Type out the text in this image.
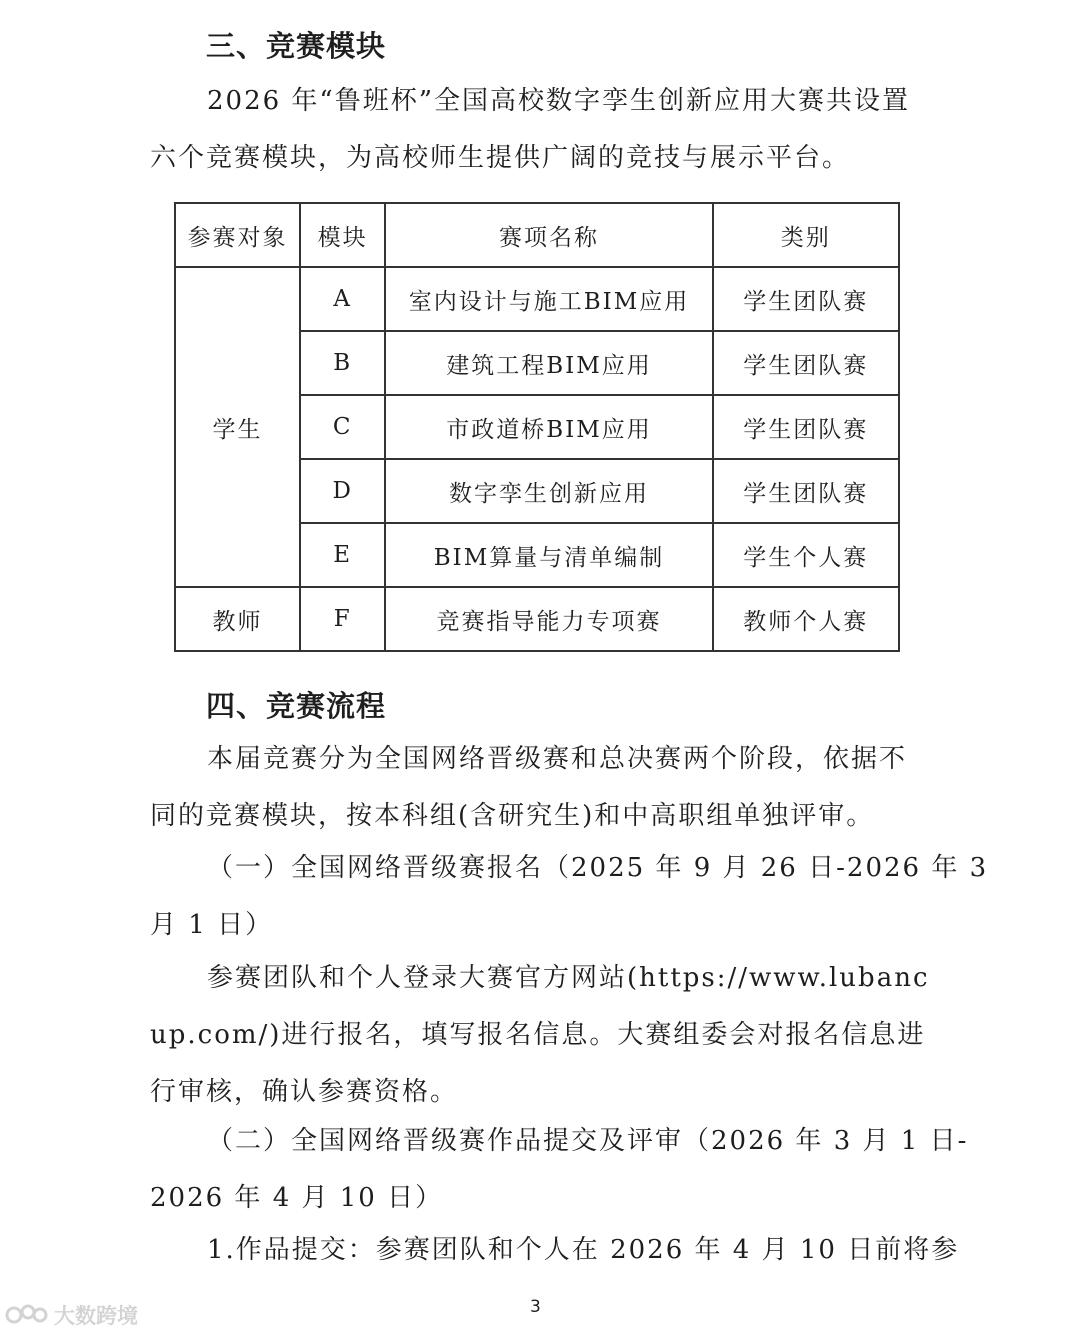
三、竞赛模块

2026 年“鲁班杯”全国高校数字孪生创新应用大赛共设置
六个竞赛模块，为高校师生提供广阔的竞技与展示平台。

参赛对象	模块	赛项名称	类别
学生	A	室内设计与施工BIM应用	学生团队赛
	B	建筑工程BIM应用	学生团队赛
	C	市政道桥BIM应用	学生团队赛
	D	数字孪生创新应用	学生团队赛
	E	BIM算量与清单编制	学生个人赛
教师	F	竞赛指导能力专项赛	教师个人赛
四、竞赛流程

本届竞赛分为全国网络晋级赛和总决赛两个阶段，依据不
同的竞赛模块，按本科组(含研究生)和中高职组单独评审。

（一）全国网络晋级赛报名（2025 年 9 月 26 日-2026 年 3
月 1 日）

参赛团队和个人登录大赛官方网站(https://www.lubanc
up.com/)进行报名，填写报名信息。大赛组委会对报名信息进
行审核，确认参赛资格。

（二）全国网络晋级赛作品提交及评审（2026 年 3 月 1 日-
2026 年 4 月 10 日）

1.作品提交：参赛团队和个人在 2026 年 4 月 10 日前将参

3
大数跨境
